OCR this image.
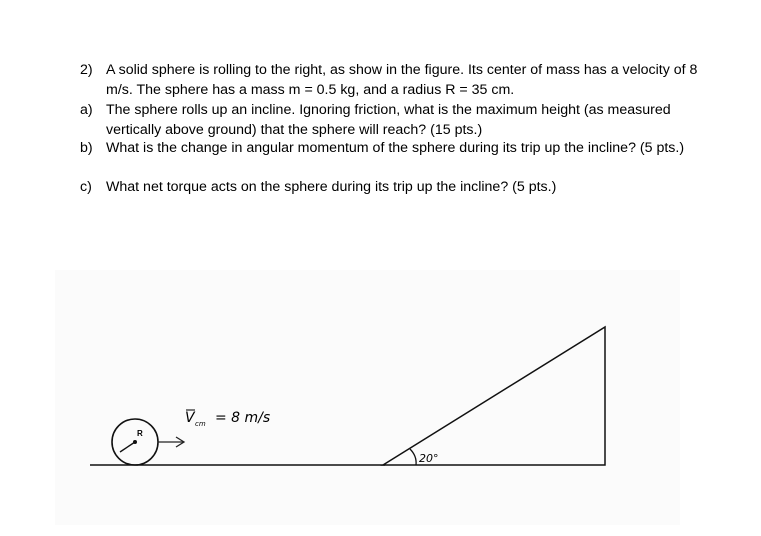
2) A solid sphere is rolling to the right, as show in the figure. Its center of mass has a velocity of 8 m/s. The sphere has a mass m = 0.5 kg, and a radius R = 35 cm.
a) The sphere rolls up an incline. Ignoring friction, what is the maximum height (as measured vertically above ground) that the sphere will reach? (15 pts.)
b) What is the change in angular momentum of the sphere during its trip up the incline? (5 pts.)
c) What net torque acts on the sphere during its trip up the incline? (5 pts.)
R
V cm = 8 m/s
20°
